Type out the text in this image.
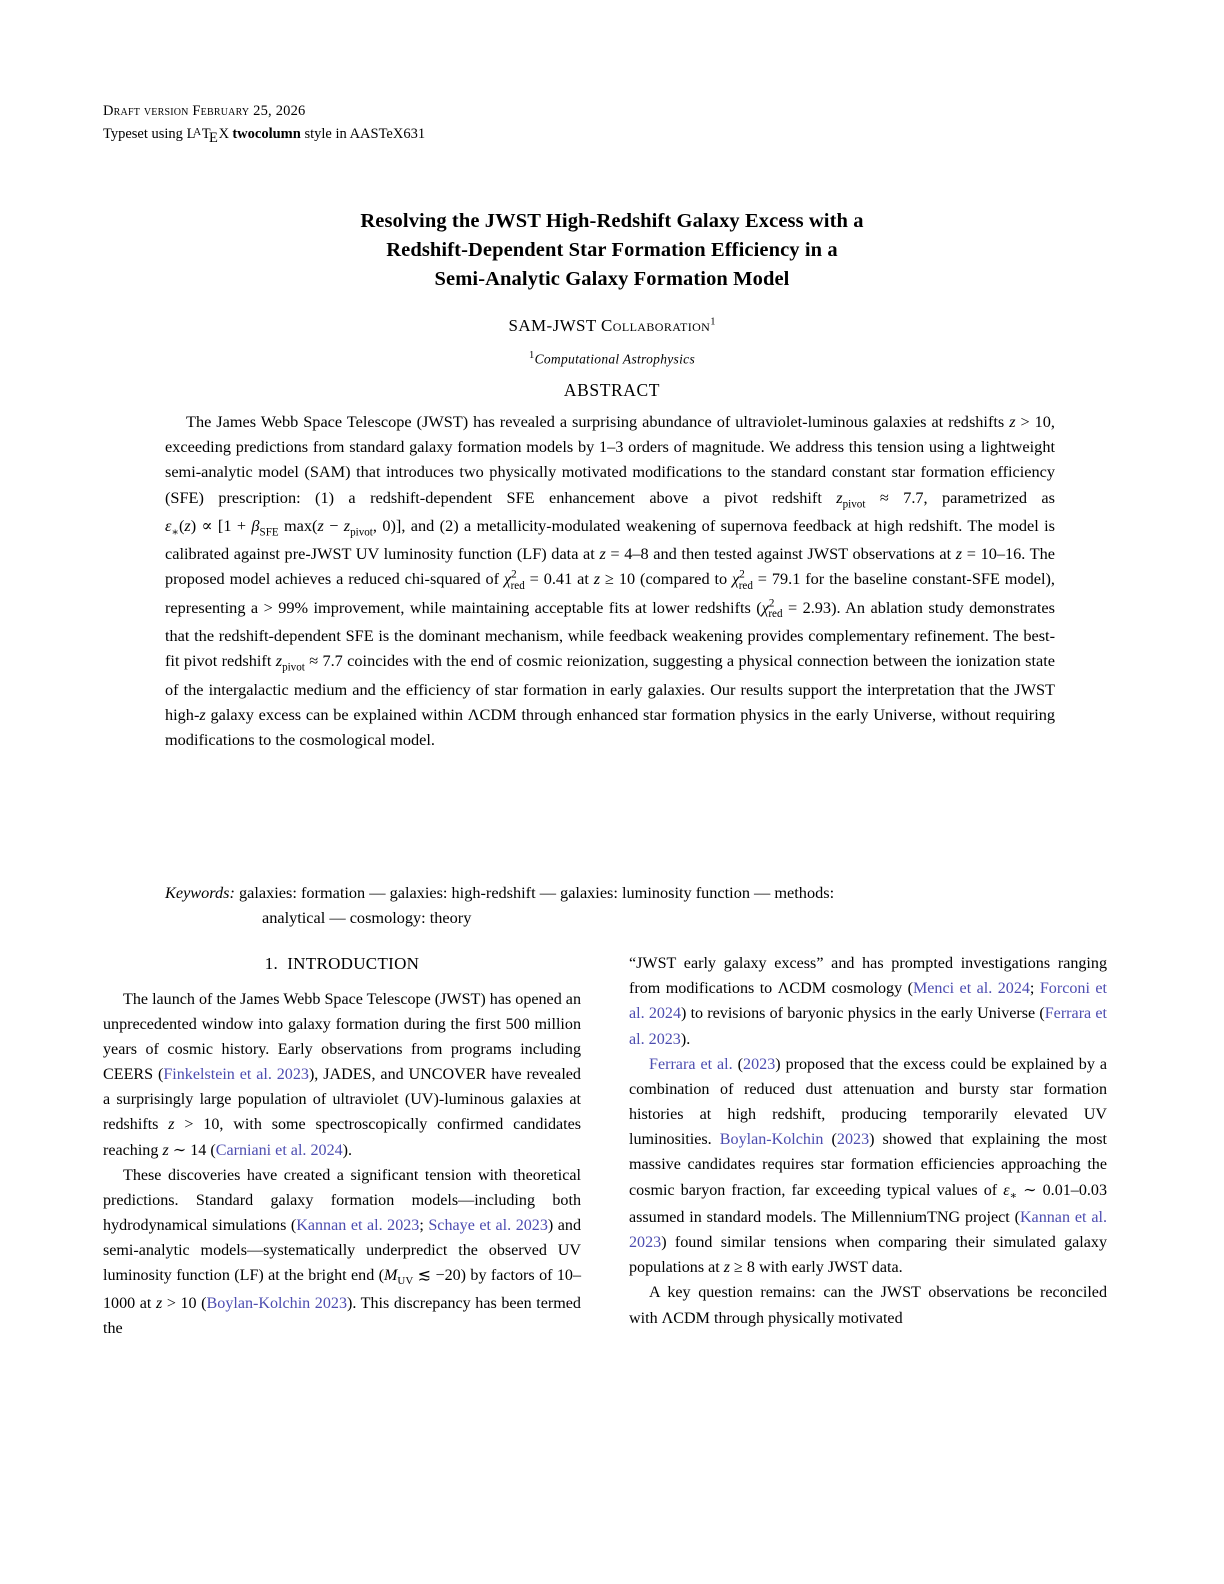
Draft version February 25, 2026
Typeset using $L^A$ TEX twocolumn style in AASTeX631
Resolving the JWST High-Redshift Galaxy Excess with a
Redshift-Dependent Star Formation Efficiency in a
Semi-Analytic Galaxy Formation Model
SAM-JWST Collaboration$^1$
$^1$Computational Astrophysics
ABSTRACT

The James Webb Space Telescope (JWST) has revealed a surprising abundance of ultraviolet-luminous galaxies at redshifts z > 10, exceeding predictions from standard galaxy formation models by 1–3 orders of magnitude. We address this tension using a lightweight semi-analytic model (SAM) that introduces two physically motivated modifications to the standard constant star formation efficiency (SFE) prescription: (1) a redshift-dependent SFE enhancement above a pivot redshift $z_{pivot} \approx 7.7$, parametrized as $\varepsilon_∗(z) \propto [1 + \beta_{SFE}$ $\max(z - z_{pivot}$, 0)], and (2) a metallicity-modulated weakening of supernova feedback at high redshift. The model is calibrated against pre-JWST UV luminosity function (LF) data at z = 4–8 and then tested against JWST observations at z = 10–16. The proposed model achieves a reduced chi-squared of $\chi^2_{red} = 0.41$ at z ≥ 10 (compared to $\chi^2_{red} = 79.1$ for the baseline constant-SFE model), representing a > 99% improvement, while maintaining acceptable fits at lower redshifts $(\chi^2_{red} = 2.93)$. An ablation study demonstrates that the redshift-dependent SFE is the dominant mechanism, while feedback weakening provides complementary refinement. The best-fit pivot redshift $z_{pivot} \approx 7.7$ coincides with the end of cosmic reionization, suggesting a physical connection between the ionization state of the intergalactic medium and the efficiency of star formation in early galaxies. Our results support the interpretation that the JWST high-z galaxy excess can be explained within ΛCDM through enhanced star formation physics in the early Universe, without requiring modifications to the cosmological model.

Keywords: galaxies: formation — galaxies: high-redshift — galaxies: luminosity function — methods:
analytical — cosmology: theory

1. INTRODUCTION

The launch of the James Webb Space Telescope (JWST) has opened an unprecedented window into galaxy formation during the first 500 million years of cosmic history. Early observations from programs including CEERS (Finkelstein et al. 2023), JADES, and UNCOVER have revealed a surprisingly large population of ultraviolet (UV)-luminous galaxies at redshifts z > 10, with some spectroscopically confirmed candidates reaching z ∼ 14 (Carniani et al. 2024).

These discoveries have created a significant tension with theoretical predictions. Standard galaxy formation models—including both hydrodynamical simulations (Kannan et al. 2023; Schaye et al. 2023) and semi-analytic models—systematically underpredict the observed UV luminosity function (LF) at the bright end ($M_{UV}$ ≲ −20) by factors of 10–1000 at z > 10 (Boylan-Kolchin 2023). This discrepancy has been termed the

“JWST early galaxy excess” and has prompted investigations ranging from modifications to ΛCDM cosmology (Menci et al. 2024; Forconi et al. 2024) to revisions of baryonic physics in the early Universe (Ferrara et al. 2023).

Ferrara et al. (2023) proposed that the excess could be explained by a combination of reduced dust attenuation and bursty star formation histories at high redshift, producing temporarily elevated UV luminosities. Boylan-Kolchin (2023) showed that explaining the most massive candidates requires star formation efficiencies approaching the cosmic baryon fraction, far exceeding typical values of $\varepsilon_∗$ ∼ 0.01–0.03 assumed in standard models. The MillenniumTNG project (Kannan et al. 2023) found similar tensions when comparing their simulated galaxy populations at z ≥ 8 with early JWST data.

A key question remains: can the JWST observations be reconciled with ΛCDM through physically motivated
